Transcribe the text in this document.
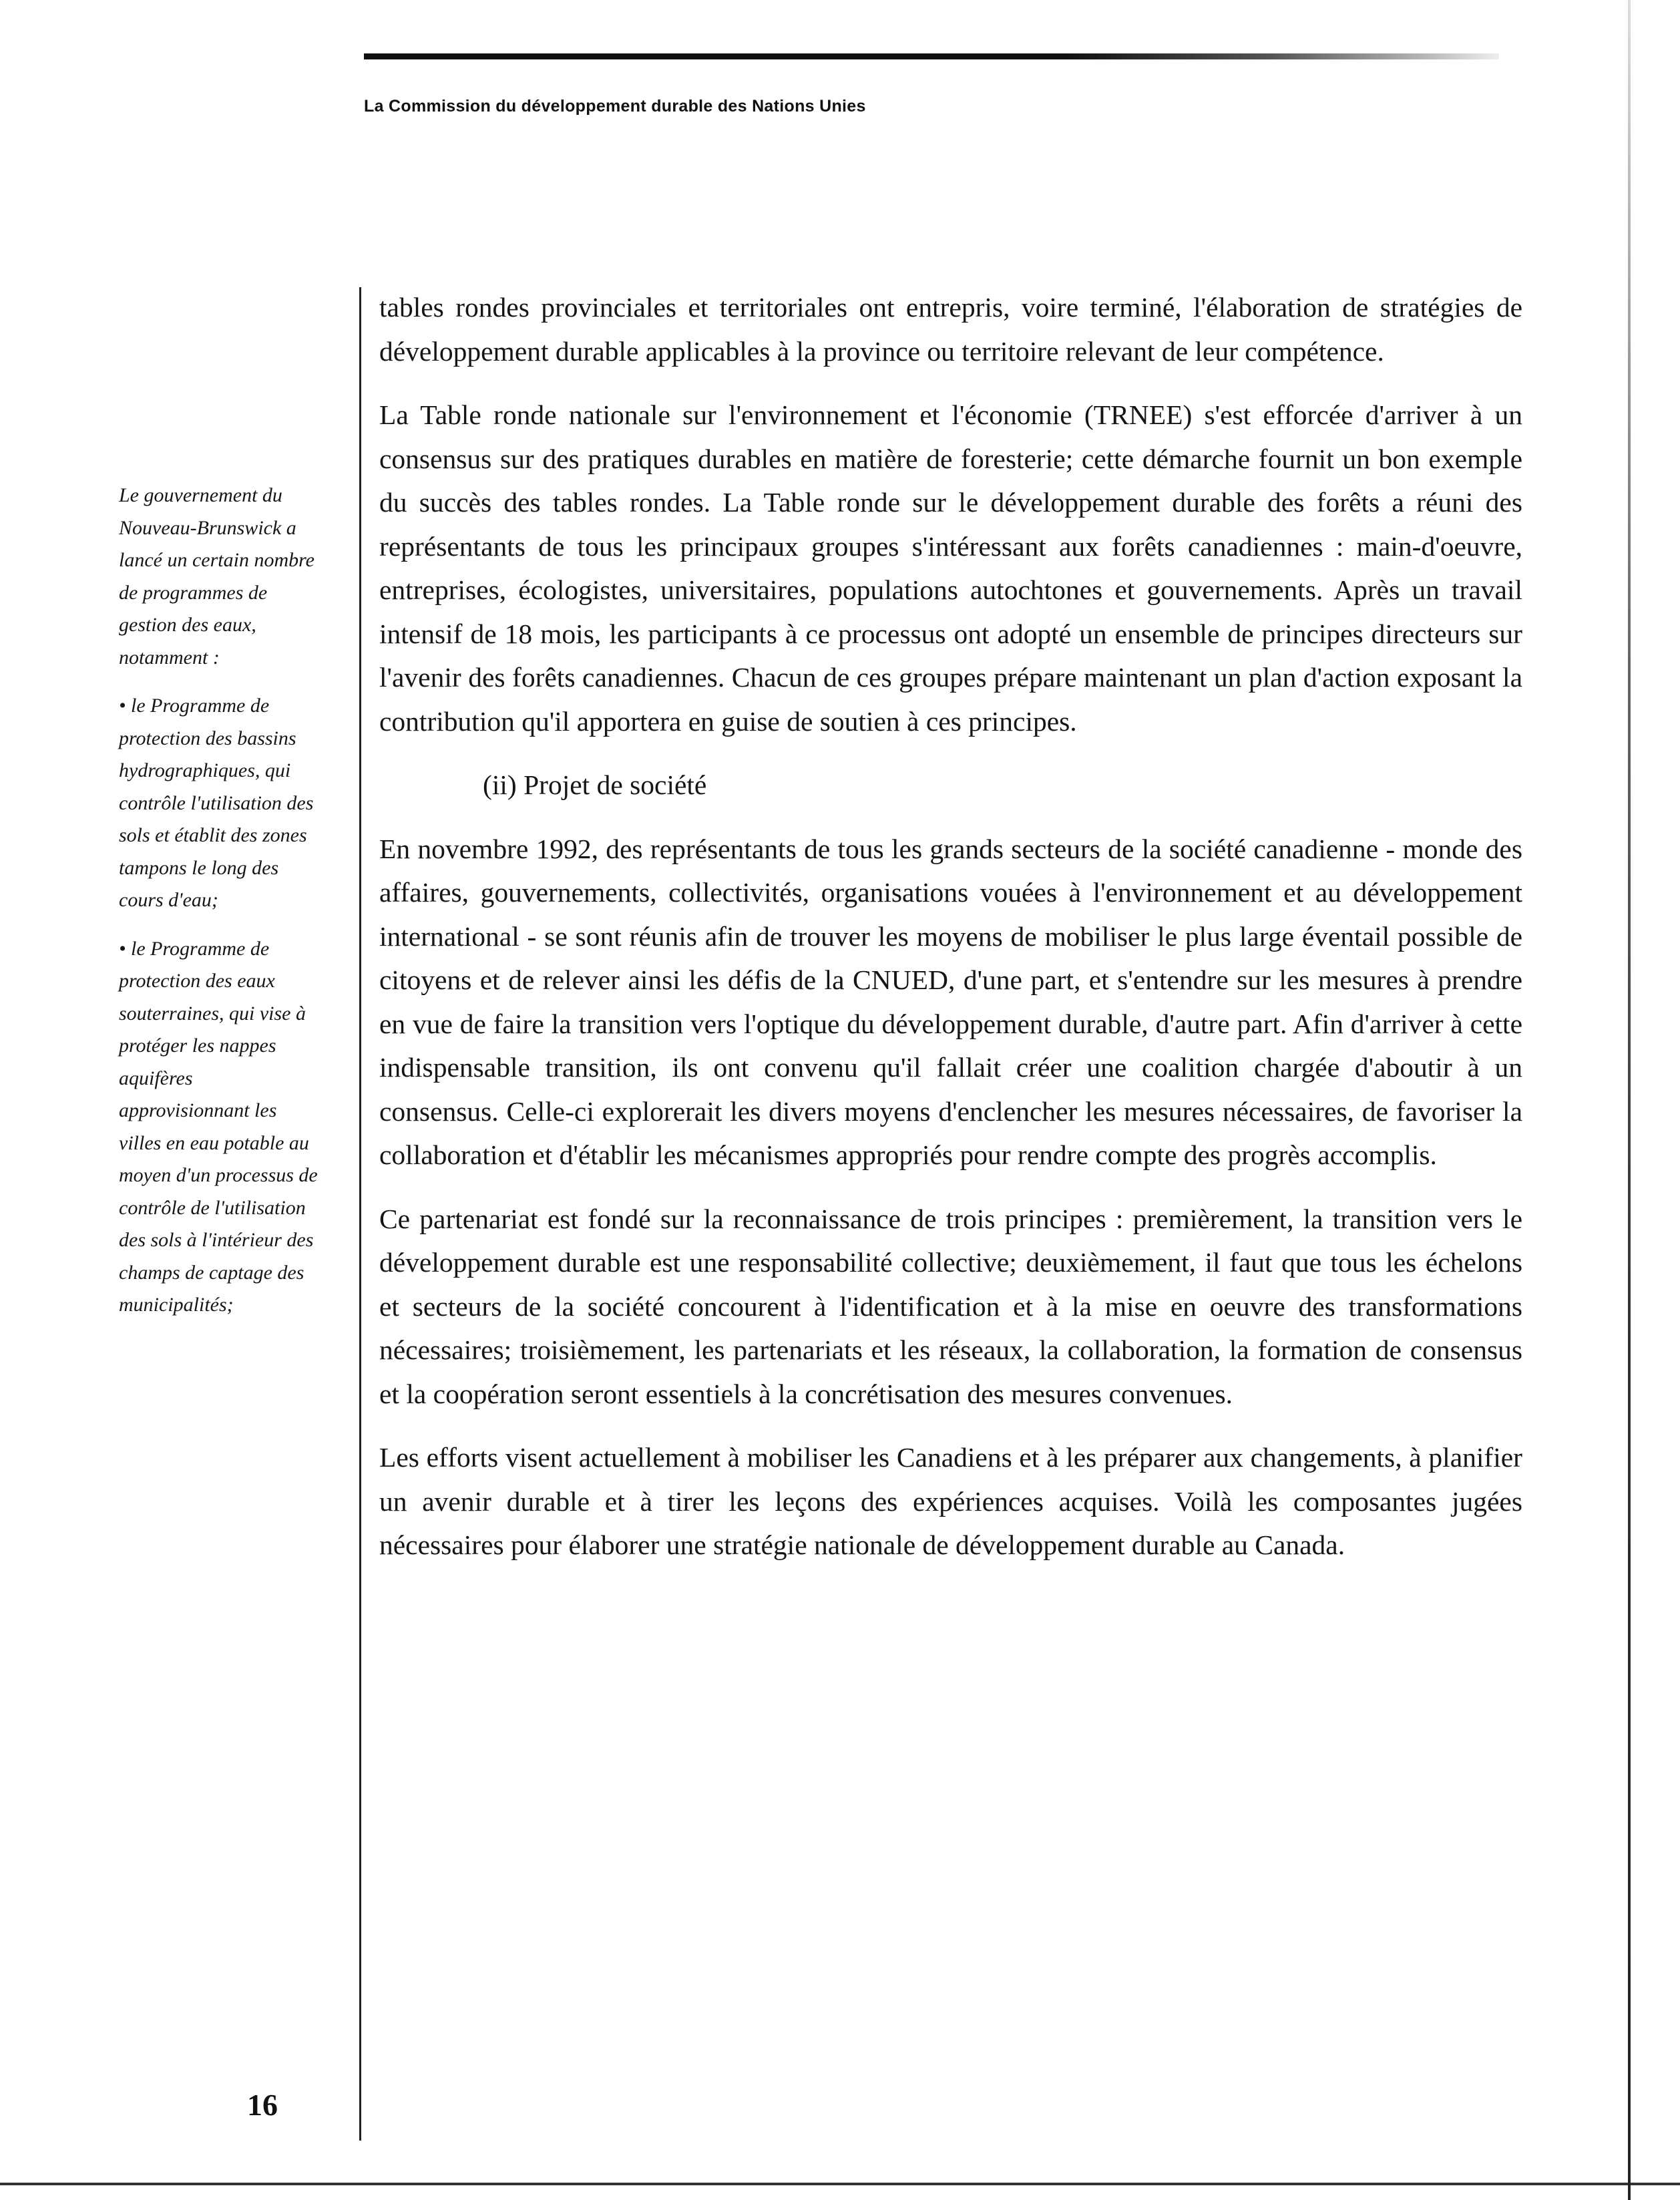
La Commission du développement durable des Nations Unies

Le gouvernement du Nouveau-Brunswick a lancé un certain nombre de programmes de gestion des eaux, notamment :

• le Programme de protection des bassins hydrographiques, qui contrôle l'utilisation des sols et établit des zones tampons le long des cours d'eau;

• le Programme de protection des eaux souterraines, qui vise à protéger les nappes aquifères approvisionnant les villes en eau potable au moyen d'un processus de contrôle de l'utilisation des sols à l'intérieur des champs de captage des municipalités;

tables rondes provinciales et territoriales ont entrepris, voire terminé, l'élaboration de stratégies de développement durable applicables à la province ou territoire relevant de leur compétence.

La Table ronde nationale sur l'environnement et l'économie (TRNEE) s'est efforcée d'arriver à un consensus sur des pratiques durables en matière de foresterie; cette démarche fournit un bon exemple du succès des tables rondes. La Table ronde sur le développement durable des forêts a réuni des représentants de tous les principaux groupes s'intéressant aux forêts canadiennes : main-d'oeuvre, entreprises, écologistes, universitaires, populations autochtones et gouvernements. Après un travail intensif de 18 mois, les participants à ce processus ont adopté un ensemble de principes directeurs sur l'avenir des forêts canadiennes. Chacun de ces groupes prépare maintenant un plan d'action exposant la contribution qu'il apportera en guise de soutien à ces principes.

(ii) Projet de société

En novembre 1992, des représentants de tous les grands secteurs de la société canadienne - monde des affaires, gouvernements, collectivités, organisations vouées à l'environnement et au développement international - se sont réunis afin de trouver les moyens de mobiliser le plus large éventail possible de citoyens et de relever ainsi les défis de la CNUED, d'une part, et s'entendre sur les mesures à prendre en vue de faire la transition vers l'optique du développement durable, d'autre part. Afin d'arriver à cette indispensable transition, ils ont convenu qu'il fallait créer une coalition chargée d'aboutir à un consensus. Celle-ci explorerait les divers moyens d'enclencher les mesures nécessaires, de favoriser la collaboration et d'établir les mécanismes appropriés pour rendre compte des progrès accomplis.

Ce partenariat est fondé sur la reconnaissance de trois principes : premièrement, la transition vers le développement durable est une responsabilité collective; deuxièmement, il faut que tous les échelons et secteurs de la société concourent à l'identification et à la mise en oeuvre des transformations nécessaires; troisièmement, les partenariats et les réseaux, la collaboration, la formation de consensus et la coopération seront essentiels à la concrétisation des mesures convenues.

Les efforts visent actuellement à mobiliser les Canadiens et à les préparer aux changements, à planifier un avenir durable et à tirer les leçons des expériences acquises. Voilà les composantes jugées nécessaires pour élaborer une stratégie nationale de développement durable au Canada.

16
